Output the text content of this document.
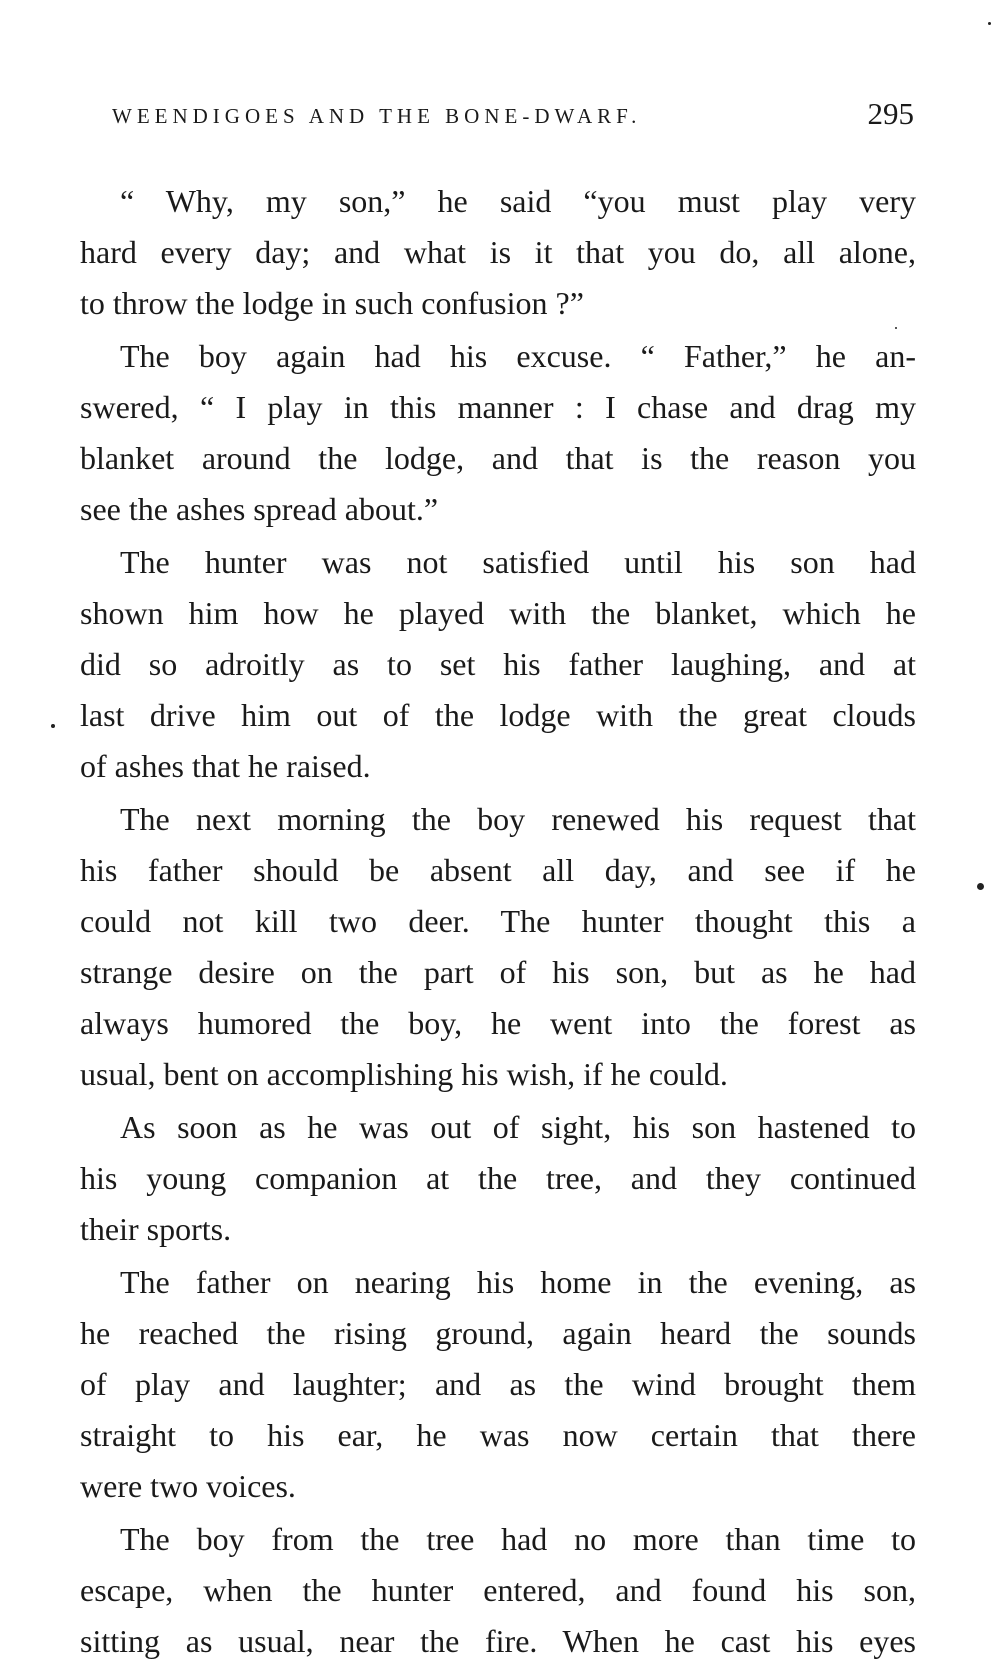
WEENDIGOES AND THE BONE-DWARF.	295
“ Why, my son,” he said “you must play very
hard every day; and what is it that you do, all alone,
to throw the lodge in such confusion ?”
The boy again had his excuse. “ Father,” he an-
swered, “ I play in this manner : I chase and drag my
blanket around the lodge, and that is the reason you
see the ashes spread about.”
The hunter was not satisfied until his son had
shown him how he played with the blanket, which he
did so adroitly as to set his father laughing, and at
last drive him out of the lodge with the great clouds
of ashes that he raised.
The next morning the boy renewed his request that
his father should be absent all day, and see if he
could not kill two deer. The hunter thought this a
strange desire on the part of his son, but as he had
always humored the boy, he went into the forest as
usual, bent on accomplishing his wish, if he could.
As soon as he was out of sight, his son hastened to
his young companion at the tree, and they continued
their sports.
The father on nearing his home in the evening, as
he reached the rising ground, again heard the sounds
of play and laughter; and as the wind brought them
straight to his ear, he was now certain that there
were two voices.
The boy from the tree had no more than time to
escape, when the hunter entered, and found his son,
sitting as usual, near the fire. When he cast his eyes
